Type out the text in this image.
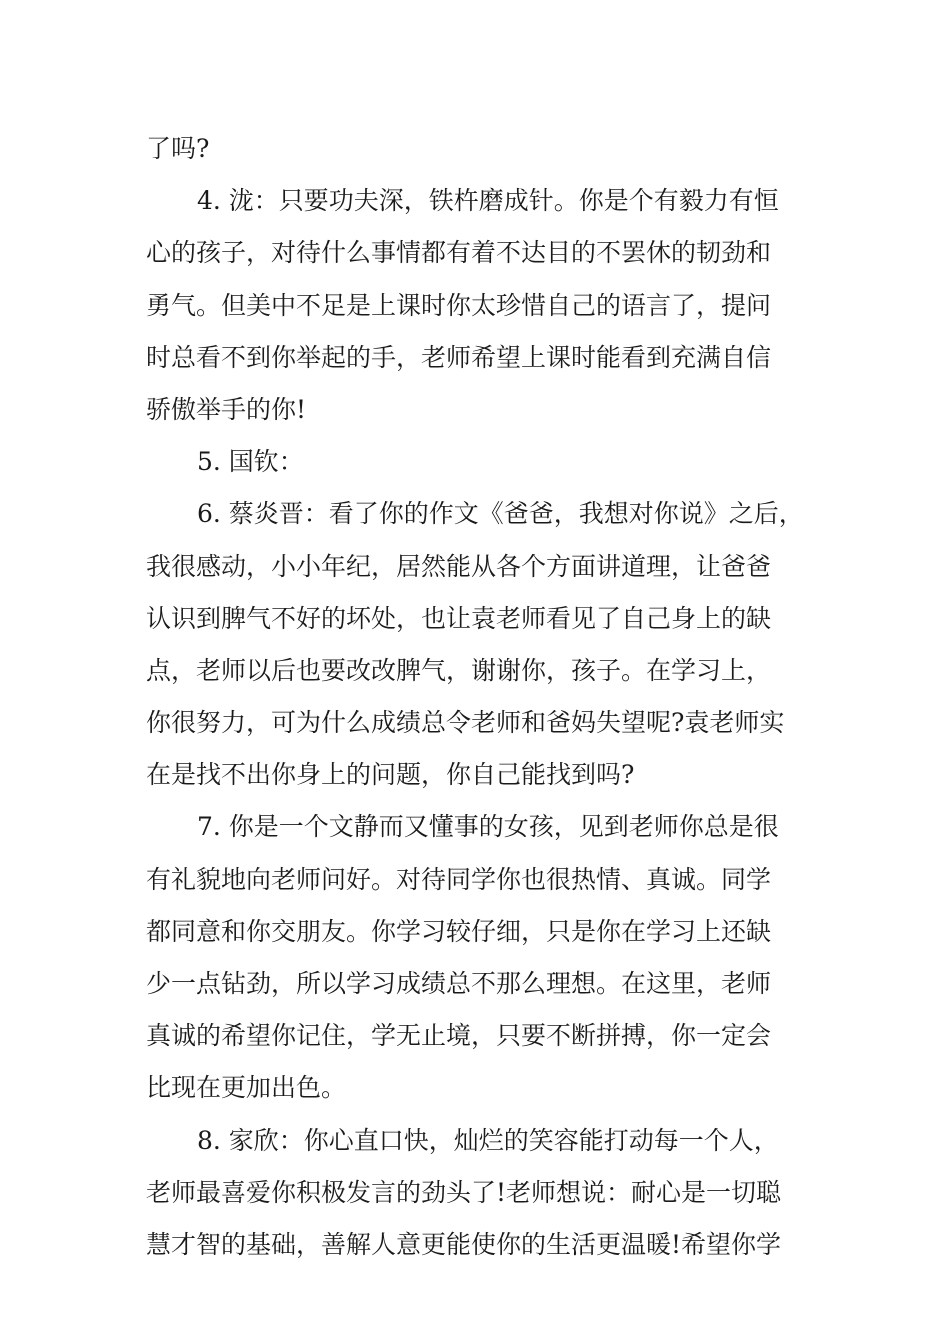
了吗?
4. 泷：只要功夫深，铁杵磨成针。你是个有毅力有恒
心的孩子，对待什么事情都有着不达目的不罢休的韧劲和
勇气。但美中不足是上课时你太珍惜自己的语言了，提问
时总看不到你举起的手，老师希望上课时能看到充满自信
骄傲举手的你!
5. 国钦：
6. 蔡炎晋：看了你的作文《爸爸，我想对你说》之后，
我很感动，小小年纪，居然能从各个方面讲道理，让爸爸
认识到脾气不好的坏处，也让袁老师看见了自己身上的缺
点，老师以后也要改改脾气，谢谢你，孩子。在学习上，
你很努力，可为什么成绩总令老师和爸妈失望呢?袁老师实
在是找不出你身上的问题，你自己能找到吗?
7. 你是一个文静而又懂事的女孩，见到老师你总是很
有礼貌地向老师问好。对待同学你也很热情、真诚。同学
都同意和你交朋友。你学习较仔细，只是你在学习上还缺
少一点钻劲，所以学习成绩总不那么理想。在这里，老师
真诚的希望你记住，学无止境，只要不断拼搏，你一定会
比现在更加出色。
8. 家欣：你心直口快，灿烂的笑容能打动每一个人，
老师最喜爱你积极发言的劲头了!老师想说：耐心是一切聪
慧才智的基础，善解人意更能使你的生活更温暖!希望你学
